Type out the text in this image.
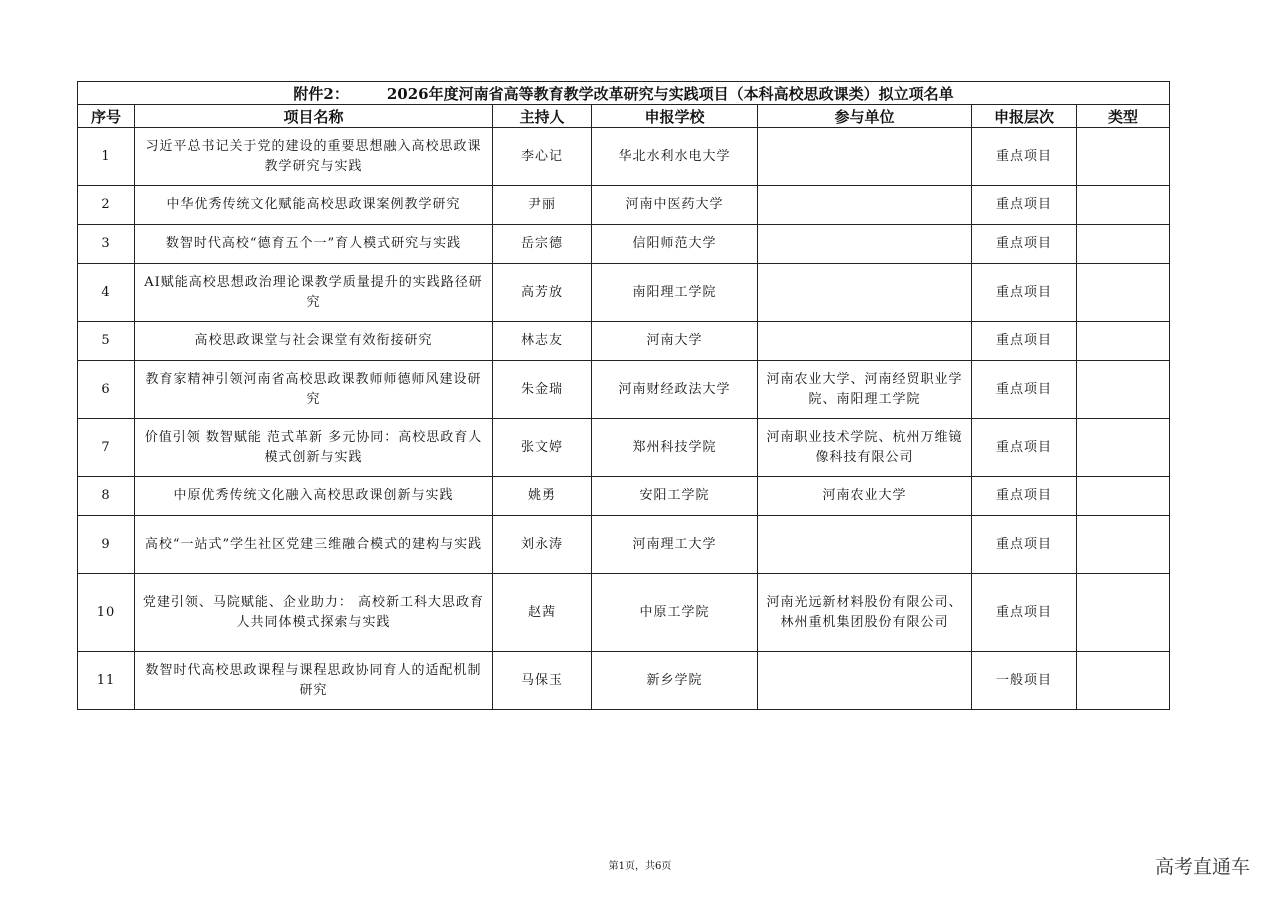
附件2： 2026年度河南省高等教育教学改革研究与实践项目（本科高校思政课类）拟立项名单						
序号	项目名称	主持人	申报学校	参与单位	申报层次	类型
1	习近平总书记关于党的建设的重要思想融入高校思政课教学研究与实践	李心记	华北水利水电大学		重点项目	
2	中华优秀传统文化赋能高校思政课案例教学研究	尹丽	河南中医药大学		重点项目	
3	数智时代高校“德育五个一”育人模式研究与实践	岳宗德	信阳师范大学		重点项目	
4	AI赋能高校思想政治理论课教学质量提升的实践路径研究	高芳放	南阳理工学院		重点项目	
5	高校思政课堂与社会课堂有效衔接研究	林志友	河南大学		重点项目	
6	教育家精神引领河南省高校思政课教师师德师风建设研究	朱金瑞	河南财经政法大学	河南农业大学、河南经贸职业学院、南阳理工学院	重点项目	
7	价值引领 数智赋能 范式革新 多元协同：高校思政育人模式创新与实践	张文婷	郑州科技学院	河南职业技术学院、杭州万维镜像科技有限公司	重点项目	
8	中原优秀传统文化融入高校思政课创新与实践	姚勇	安阳工学院	河南农业大学	重点项目	
9	高校“一站式”学生社区党建三维融合模式的建构与实践	刘永涛	河南理工大学		重点项目	
10	党建引领、马院赋能、企业助力： 高校新工科大思政育人共同体模式探索与实践	赵茜	中原工学院	河南光远新材料股份有限公司、林州重机集团股份有限公司	重点项目	
11	数智时代高校思政课程与课程思政协同育人的适配机制研究	马保玉	新乡学院		一般项目	
第1页，共6页	高考直通车
